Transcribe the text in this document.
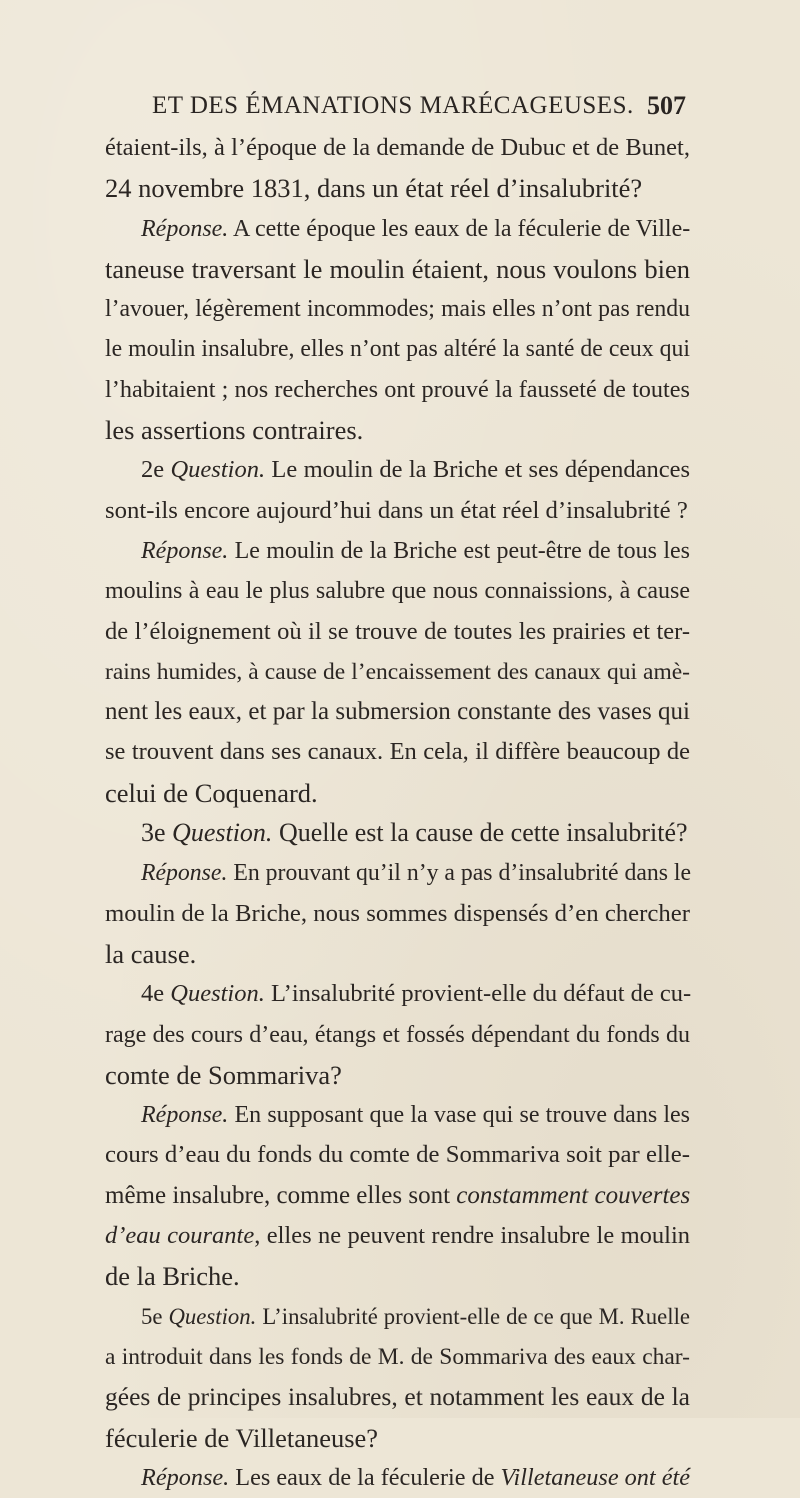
ET DES ÉMANATIONS MARÉCAGEUSES. 507
étaient-ils, à l’époque de la demande de Dubuc et de Bunet,
24 novembre 1831, dans un état réel d’insalubrité?
Réponse. A cette époque les eaux de la féculerie de Ville-
taneuse traversant le moulin étaient, nous voulons bien
l’avouer, légèrement incommodes; mais elles n’ont pas rendu
le moulin insalubre, elles n’ont pas altéré la santé de ceux qui
l’habitaient ; nos recherches ont prouvé la fausseté de toutes
les assertions contraires.
2e Question. Le moulin de la Briche et ses dépendances
sont-ils encore aujourd’hui dans un état réel d’insalubrité ?
Réponse. Le moulin de la Briche est peut-être de tous les
moulins à eau le plus salubre que nous connaissions, à cause
de l’éloignement où il se trouve de toutes les prairies et ter-
rains humides, à cause de l’encaissement des canaux qui amè-
nent les eaux, et par la submersion constante des vases qui
se trouvent dans ses canaux. En cela, il diffère beaucoup de
celui de Coquenard.
3e Question. Quelle est la cause de cette insalubrité?
Réponse. En prouvant qu’il n’y a pas d’insalubrité dans le
moulin de la Briche, nous sommes dispensés d’en chercher
la cause.
4e Question. L’insalubrité provient-elle du défaut de cu-
rage des cours d’eau, étangs et fossés dépendant du fonds du
comte de Sommariva?
Réponse. En supposant que la vase qui se trouve dans les
cours d’eau du fonds du comte de Sommariva soit par elle-
même insalubre, comme elles sont constamment couvertes
d’eau courante, elles ne peuvent rendre insalubre le moulin
de la Briche.
5e Question. L’insalubrité provient-elle de ce que M. Ruelle
a introduit dans les fonds de M. de Sommariva des eaux char-
gées de principes insalubres, et notamment les eaux de la
féculerie de Villetaneuse?
Réponse. Les eaux de la féculerie de Villetaneuse ont été
